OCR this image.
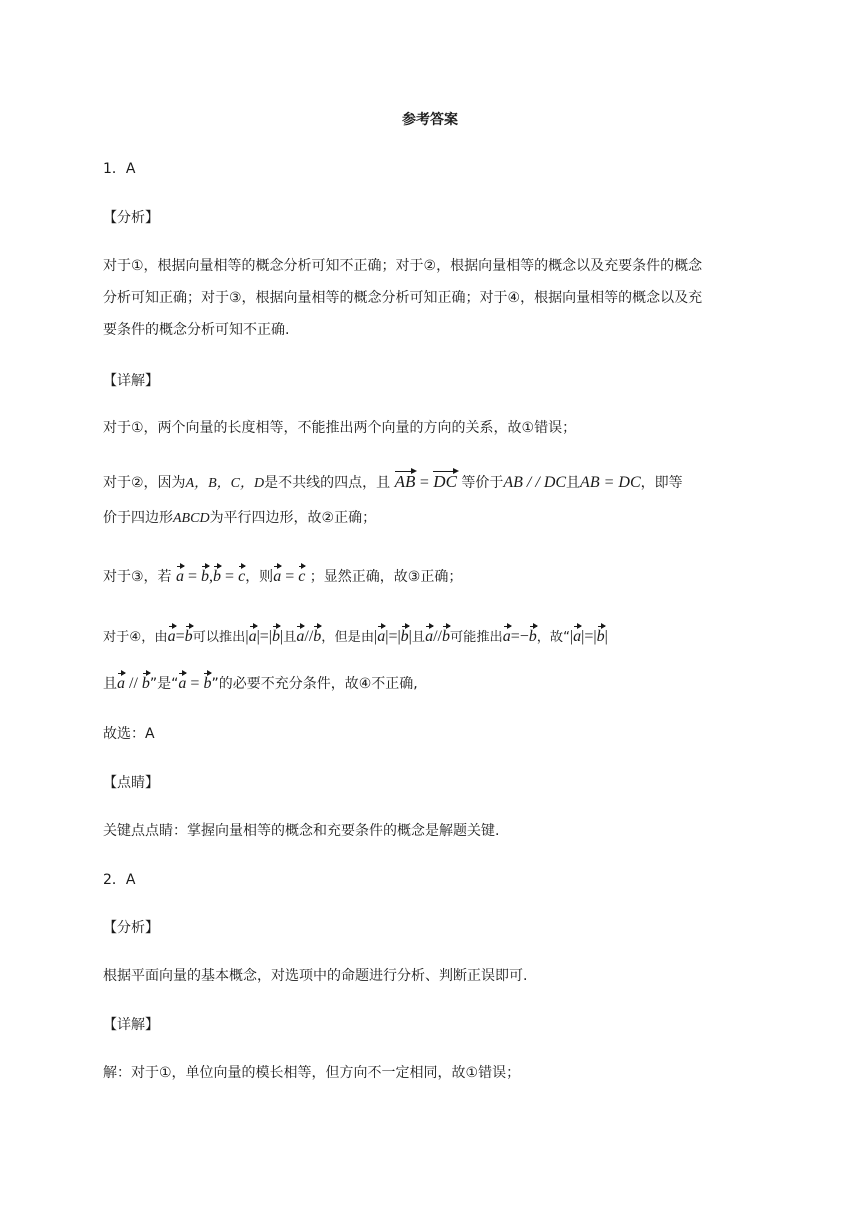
参考答案
1．A
【分析】
对于①，根据向量相等的概念分析可知不正确；对于②，根据向量相等的概念以及充要条件的概念
分析可知正确；对于③，根据向量相等的概念分析可知正确；对于④，根据向量相等的概念以及充
要条件的概念分析可知不正确.
【详解】
对于①，两个向量的长度相等，不能推出两个向量的方向的关系，故①错误；
对于②，因为A，B，C，D是不共线的四点，且 AB = DC 等价于AB / / DC且AB = DC，即等
价于四边形ABCD为平行四边形，故②正确；
对于③，若 a = b,b = c，则a = c ；显然正确，故③正确；
对于④，由a=b可以推出|a|=|b|且a//b，但是由|a|=|b|且a//b可能推出a=−b，故“|a|=|b|
且a // b”是“a = b”的必要不充分条件，故④不正确,
故选：A
【点睛】
关键点点睛：掌握向量相等的概念和充要条件的概念是解题关键.
2．A
【分析】
根据平面向量的基本概念，对选项中的命题进行分析、判断正误即可.
【详解】
解：对于①，单位向量的模长相等，但方向不一定相同，故①错误；
